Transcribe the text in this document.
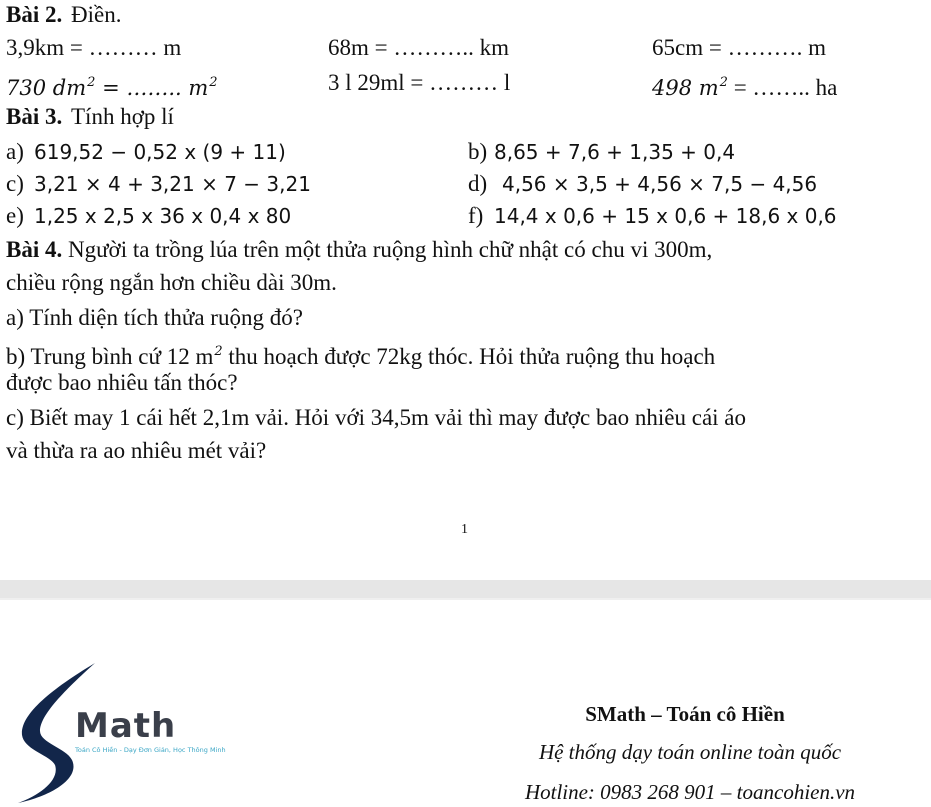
Bài 2. Điền.
3,9km = ……… m	68m = ……….. km	65cm = ………. m
730 $dm^2$ = …….. $m^2$	3 l 29ml = ……… l	498 $m^2$ = …….. ha
Bài 3. Tính hợp lí
a) 619,52 − 0,52 x (9 + 11)	b) 8,65 + 7,6 + 1,35 + 0,4
c) 3,21 × 4 + 3,21 × 7 − 3,21	d) 4,56 × 3,5 + 4,56 × 7,5 − 4,56
e) 1,25 x 2,5 x 36 x 0,4 x 80	f) 14,4 x 0,6 + 15 x 0,6 + 18,6 x 0,6
Bài 4. Người ta trồng lúa trên một thửa ruộng hình chữ nhật có chu vi 300m,
chiều rộng ngắn hơn chiều dài 30m.
a) Tính diện tích thửa ruộng đó?
b) Trung bình cứ 12 $m^2$ thu hoạch được 72kg thóc. Hỏi thửa ruộng thu hoạch
được bao nhiêu tấn thóc?
c) Biết may 1 cái hết 2,1m vải. Hỏi với 34,5m vải thì may được bao nhiêu cái áo
và thừa ra ao nhiêu mét vải?
1
Math
Toán Cô Hiền - Dạy Đơn Giản, Học Thông Minh
SMath – Toán cô Hiền
Hệ thống dạy toán online toàn quốc
Hotline: 0983 268 901 – toancohien.vn
